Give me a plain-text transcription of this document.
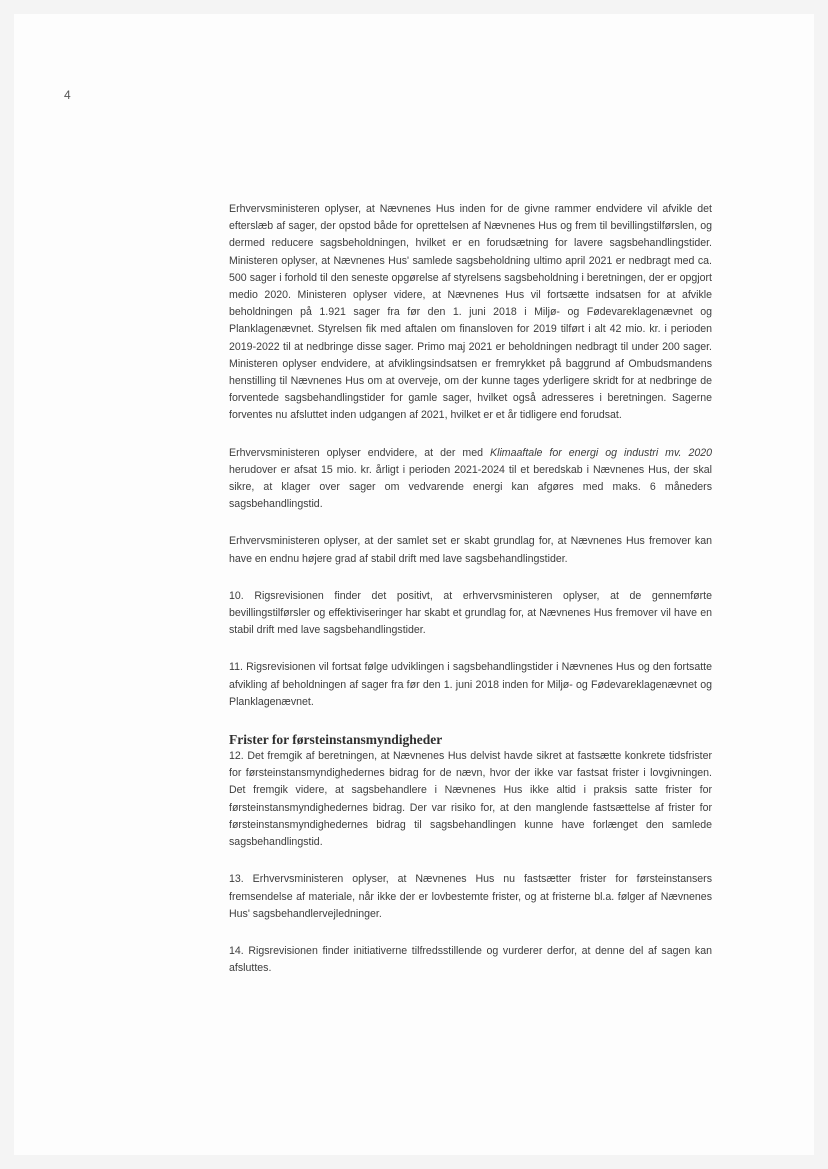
4

Erhvervsministeren oplyser, at Nævnenes Hus inden for de givne rammer endvidere vil afvikle det efterslæb af sager, der opstod både for oprettelsen af Nævnenes Hus og frem til bevillingstilførslen, og dermed reducere sagsbeholdningen, hvilket er en forudsætning for lavere sagsbehandlingstider. Ministeren oplyser, at Nævnenes Hus' samlede sagsbeholdning ultimo april 2021 er nedbragt med ca. 500 sager i forhold til den seneste opgørelse af styrelsens sagsbeholdning i beretningen, der er opgjort medio 2020. Ministeren oplyser videre, at Nævnenes Hus vil fortsætte indsatsen for at afvikle beholdningen på 1.921 sager fra før den 1. juni 2018 i Miljø- og Fødevareklagenævnet og Planklagenævnet. Styrelsen fik med aftalen om finansloven for 2019 tilført i alt 42 mio. kr. i perioden 2019-2022 til at nedbringe disse sager. Primo maj 2021 er beholdningen nedbragt til under 200 sager. Ministeren oplyser endvidere, at afviklingsindsatsen er fremrykket på baggrund af Ombudsmandens henstilling til Nævnenes Hus om at overveje, om der kunne tages yderligere skridt for at nedbringe de forventede sagsbehandlingstider for gamle sager, hvilket også adresseres i beretningen. Sagerne forventes nu afsluttet inden udgangen af 2021, hvilket er et år tidligere end forudsat.

Erhvervsministeren oplyser endvidere, at der med Klimaaftale for energi og industri mv. 2020 herudover er afsat 15 mio. kr. årligt i perioden 2021-2024 til et beredskab i Nævnenes Hus, der skal sikre, at klager over sager om vedvarende energi kan afgøres med maks. 6 måneders sagsbehandlingstid.

Erhvervsministeren oplyser, at der samlet set er skabt grundlag for, at Nævnenes Hus fremover kan have en endnu højere grad af stabil drift med lave sagsbehandlingstider.

10. Rigsrevisionen finder det positivt, at erhvervsministeren oplyser, at de gennemførte bevillingstilførsler og effektiviseringer har skabt et grundlag for, at Nævnenes Hus fremover vil have en stabil drift med lave sagsbehandlingstider.

11. Rigsrevisionen vil fortsat følge udviklingen i sagsbehandlingstider i Nævnenes Hus og den fortsatte afvikling af beholdningen af sager fra før den 1. juni 2018 inden for Miljø- og Fødevareklagenævnet og Planklagenævnet.

Frister for førsteinstansmyndigheder

12. Det fremgik af beretningen, at Nævnenes Hus delvist havde sikret at fastsætte konkrete tidsfrister for førsteinstansmyndighedernes bidrag for de nævn, hvor der ikke var fastsat frister i lovgivningen. Det fremgik videre, at sagsbehandlere i Nævnenes Hus ikke altid i praksis satte frister for førsteinstansmyndighedernes bidrag. Der var risiko for, at den manglende fastsættelse af frister for førsteinstansmyndighedernes bidrag til sagsbehandlingen kunne have forlænget den samlede sagsbehandlingstid.

13. Erhvervsministeren oplyser, at Nævnenes Hus nu fastsætter frister for førsteinstansers fremsendelse af materiale, når ikke der er lovbestemte frister, og at fristerne bl.a. følger af Nævnenes Hus' sagsbehandlervejledninger.

14. Rigsrevisionen finder initiativerne tilfredsstillende og vurderer derfor, at denne del af sagen kan afsluttes.
